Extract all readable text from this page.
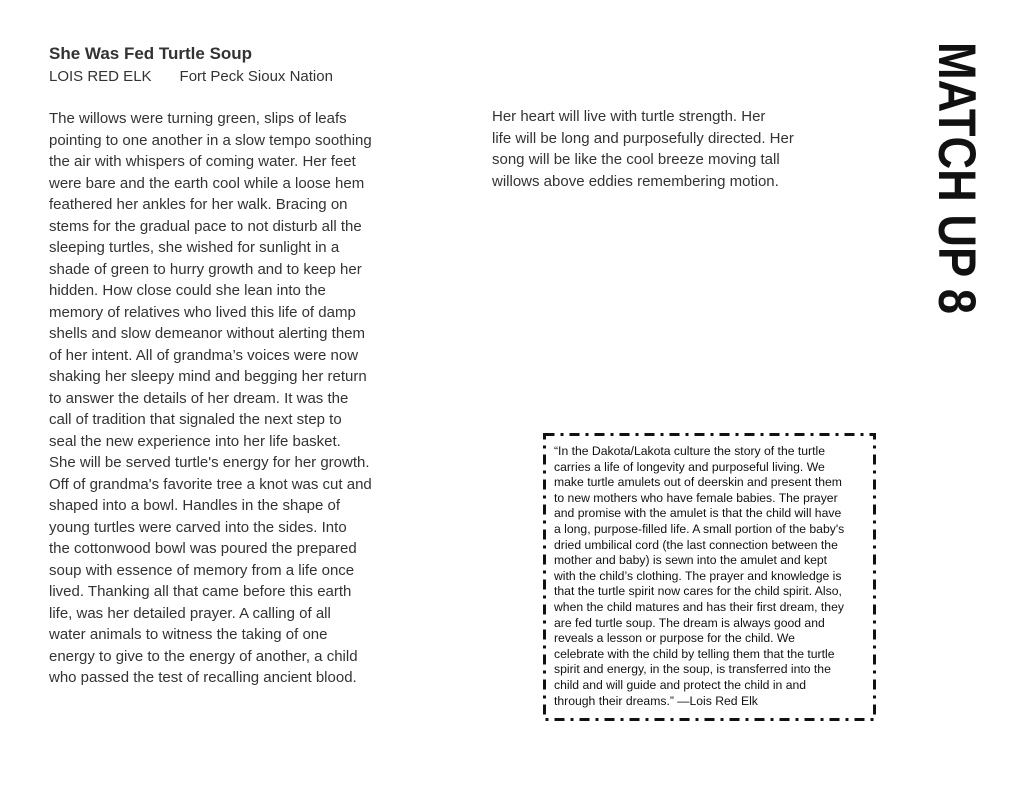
She Was Fed Turtle Soup
LOIS RED ELK Fort Peck Sioux Nation
The willows were turning green, slips of leafs
pointing to one another in a slow tempo soothing
the air with whispers of coming water. Her feet
were bare and the earth cool while a loose hem
feathered her ankles for her walk. Bracing on
stems for the gradual pace to not disturb all the
sleeping turtles, she wished for sunlight in a
shade of green to hurry growth and to keep her
hidden. How close could she lean into the
memory of relatives who lived this life of damp
shells and slow demeanor without alerting them
of her intent. All of grandma’s voices were now
shaking her sleepy mind and begging her return
to answer the details of her dream. It was the
call of tradition that signaled the next step to
seal the new experience into her life basket.
She will be served turtle's energy for her growth.
Off of grandma's favorite tree a knot was cut and
shaped into a bowl. Handles in the shape of
young turtles were carved into the sides. Into
the cottonwood bowl was poured the prepared
soup with essence of memory from a life once
lived. Thanking all that came before this earth
life, was her detailed prayer. A calling of all
water animals to witness the taking of one
energy to give to the energy of another, a child
who passed the test of recalling ancient blood.
Her heart will live with turtle strength. Her
life will be long and purposefully directed. Her
song will be like the cool breeze moving tall
willows above eddies remembering motion.	MATCH UP 8
“In the Dakota/Lakota culture the story of the turtle
carries a life of longevity and purposeful living. We
make turtle amulets out of deerskin and present them
to new mothers who have female babies. The prayer
and promise with the amulet is that the child will have
a long, purpose-filled life. A small portion of the baby's
dried umbilical cord (the last connection between the
mother and baby) is sewn into the amulet and kept
with the child’s clothing. The prayer and knowledge is
that the turtle spirit now cares for the child spirit. Also,
when the child matures and has their first dream, they
are fed turtle soup. The dream is always good and
reveals a lesson or purpose for the child. We
celebrate with the child by telling them that the turtle
spirit and energy, in the soup, is transferred into the
child and will guide and protect the child in and
through their dreams.” —Lois Red Elk
